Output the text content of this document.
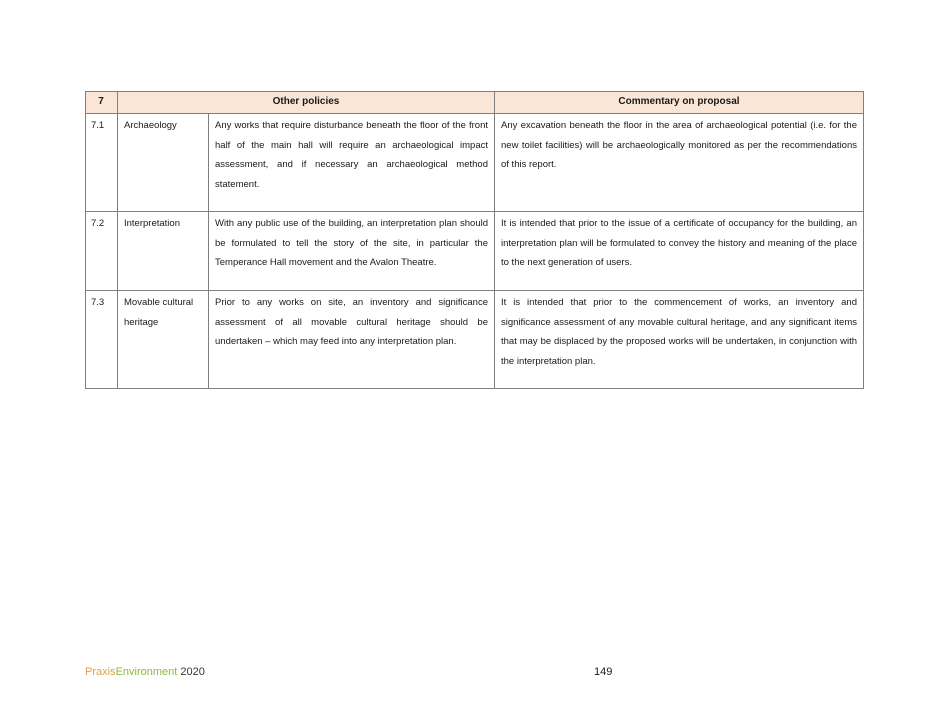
7	Other policies		Commentary on proposal
7.1	Archaeology	Any works that require disturbance beneath the floor of the front half of the main hall will require an archaeological impact assessment, and if necessary an archaeological method statement.	Any excavation beneath the floor in the area of archaeological potential (i.e. for the new toilet facilities) will be archaeologically monitored as per the recommendations of this report.
7.2	Interpretation	With any public use of the building, an interpretation plan should be formulated to tell the story of the site, in particular the Temperance Hall movement and the Avalon Theatre.	It is intended that prior to the issue of a certificate of occupancy for the building, an interpretation plan will be formulated to convey the history and meaning of the place to the next generation of users.
7.3	Movable cultural heritage	Prior to any works on site, an inventory and significance assessment of all movable cultural heritage should be undertaken – which may feed into any interpretation plan.	It is intended that prior to the commencement of works, an inventory and significance assessment of any movable cultural heritage, and any significant items that may be displaced by the proposed works will be undertaken, in conjunction with the interpretation plan.
PraxisEnvironment 2020	149
